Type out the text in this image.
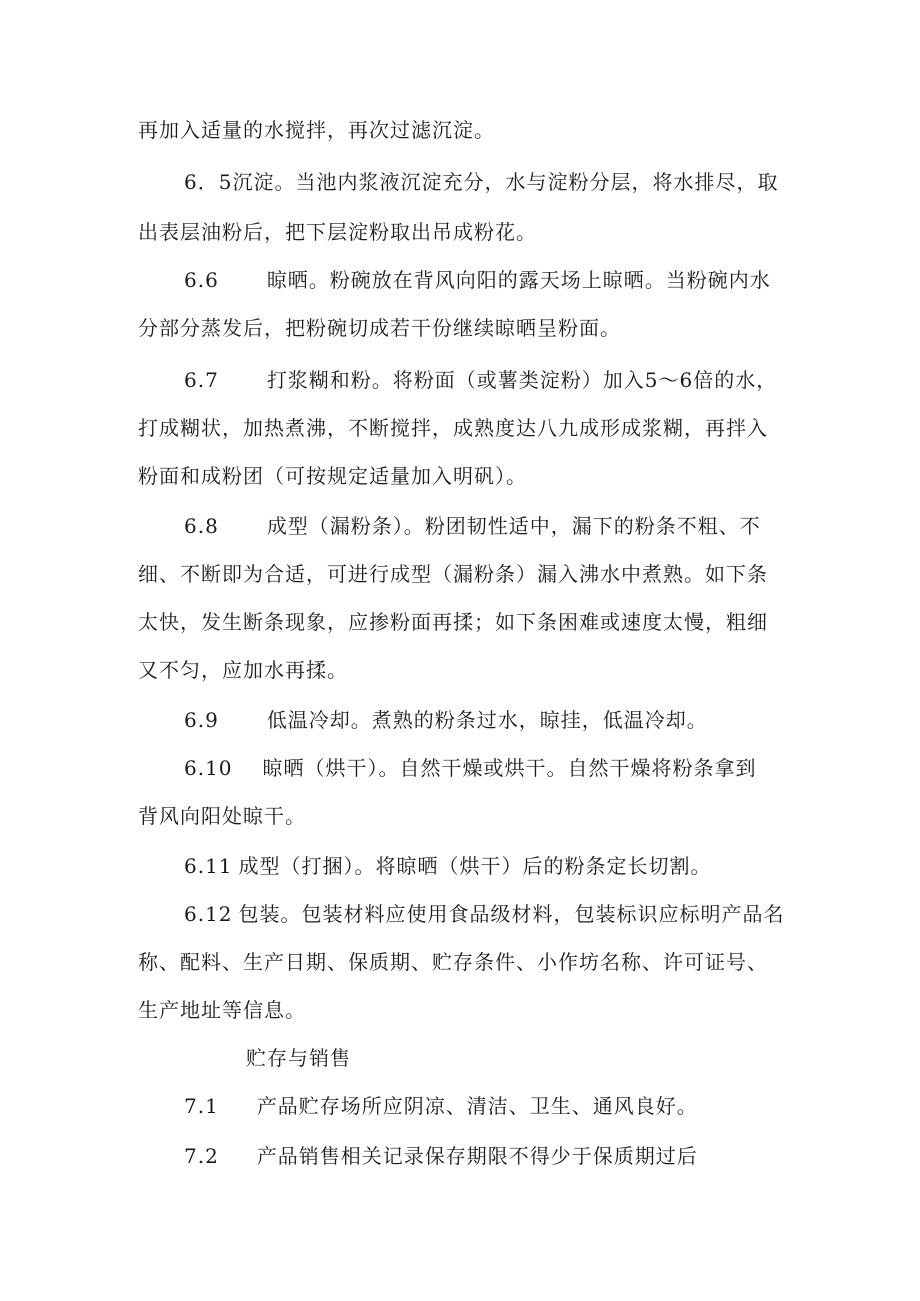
再加入适量的水搅拌，再次过滤沉淀。
6．5沉淀。当池内浆液沉淀充分，水与淀粉分层，将水排尽，取
出表层油粉后，把下层淀粉取出吊成粉花。
6.6 晾晒。粉碗放在背风向阳的露天场上晾晒。当粉碗内水
分部分蒸发后，把粉碗切成若干份继续晾晒呈粉面。
6.7 打浆糊和粉。将粉面（或薯类淀粉）加入5～6倍的水，
打成糊状，加热煮沸，不断搅拌，成熟度达八九成形成浆糊，再拌入
粉面和成粉团（可按规定适量加入明矾）。
6.8 成型（漏粉条）。粉团韧性适中，漏下的粉条不粗、不
细、不断即为合适，可进行成型（漏粉条）漏入沸水中煮熟。如下条
太快，发生断条现象，应掺粉面再揉；如下条困难或速度太慢，粗细
又不匀，应加水再揉。
6.9 低温冷却。煮熟的粉条过水，晾挂，低温冷却。
6.10 晾晒（烘干）。自然干燥或烘干。自然干燥将粉条拿到
背风向阳处晾干。
6.11 成型（打捆）。将晾晒（烘干）后的粉条定长切割。
6.12 包装。包装材料应使用食品级材料，包装标识应标明产品名
称、配料、生产日期、保质期、贮存条件、小作坊名称、许可证号、
生产地址等信息。
贮存与销售
7.1 产品贮存场所应阴凉、清洁、卫生、通风良好。
7.2 产品销售相关记录保存期限不得少于保质期过后
